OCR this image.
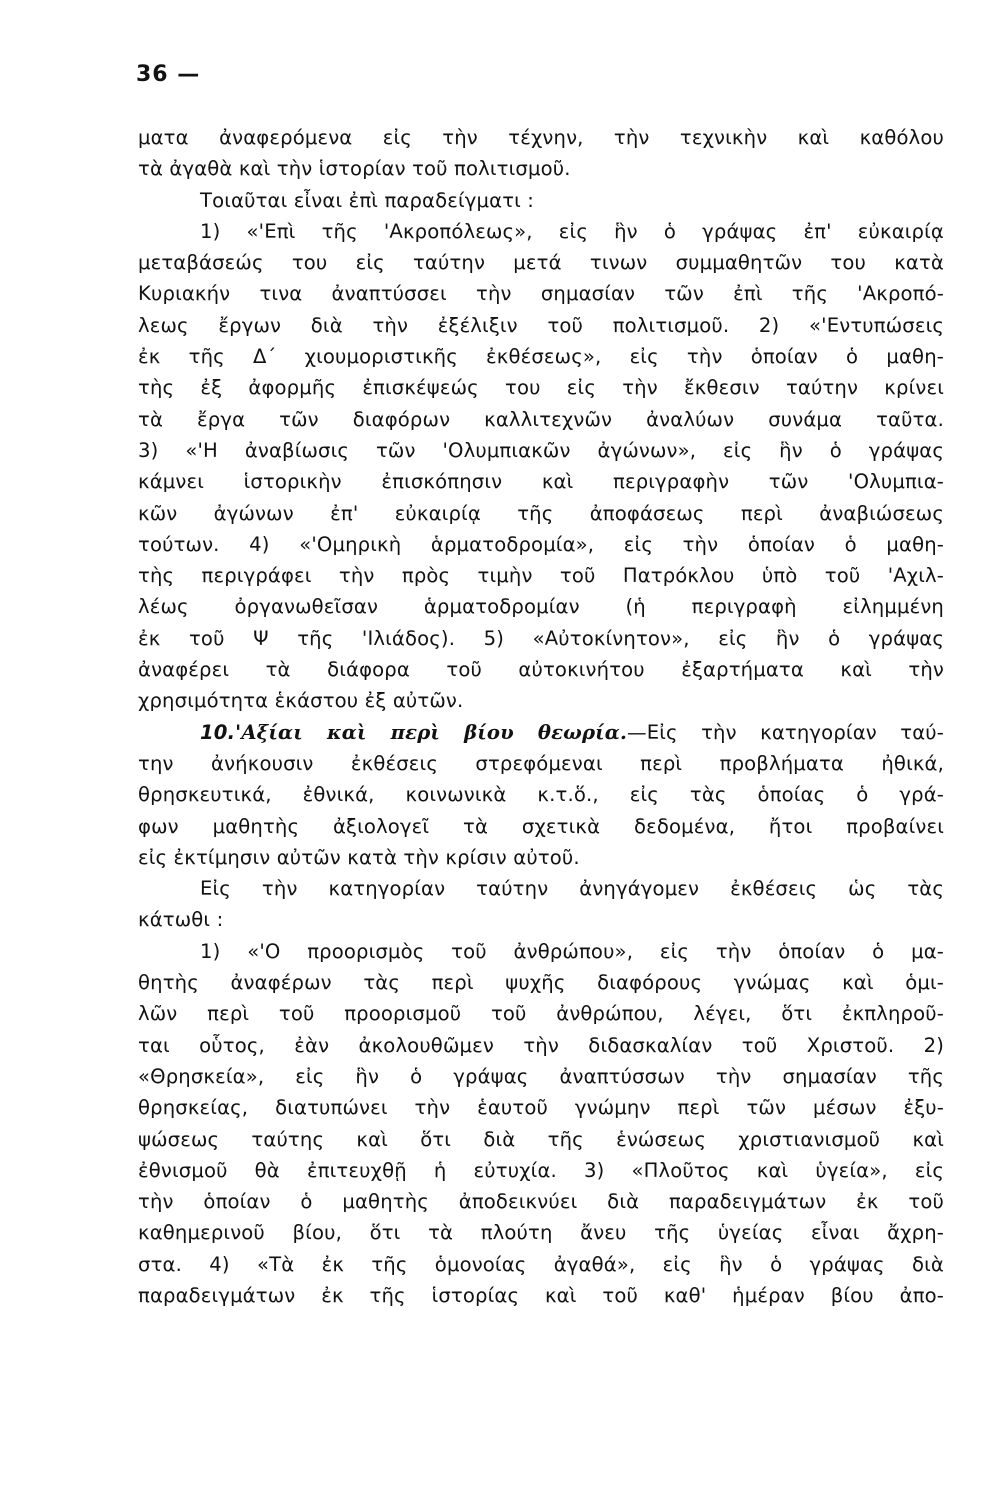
36 —
ματα ἀναφερόμενα εἰς τὴν τέχνην, τὴν τεχνικὴν καὶ καθόλου
τὰ ἀγαθὰ καὶ τὴν ἱστορίαν τοῦ πολιτισμοῦ.
Τοιαῦται εἶναι ἐπὶ παραδείγματι :
1) «'Επὶ τῆς 'Ακροπόλεως», εἰς ἣν ὁ γράψας ἐπ' εὐκαιρίᾳ
μεταβάσεώς του εἰς ταύτην μετά τινων συμμαθητῶν του κατὰ
Κυριακήν τινα ἀναπτύσσει τὴν σημασίαν τῶν ἐπὶ τῆς 'Ακροπό-
λεως ἔργων διὰ τὴν ἐξέλιξιν τοῦ πολιτισμοῦ. 2) «'Εντυπώσεις
ἐκ τῆς Δ΄ χιουμοριστικῆς ἐκθέσεως», εἰς τὴν ὁποίαν ὁ μαθη-
τὴς ἐξ ἀφορμῆς ἐπισκέψεώς του εἰς τὴν ἔκθεσιν ταύτην κρίνει
τὰ ἔργα τῶν διαφόρων καλλιτεχνῶν ἀναλύων συνάμα ταῦτα.
3) «'Η ἀναβίωσις τῶν 'Ολυμπιακῶν ἀγώνων», εἰς ἣν ὁ γράψας
κάμνει ἱστορικὴν ἐπισκόπησιν καὶ περιγραφὴν τῶν 'Ολυμπια-
κῶν ἀγώνων ἐπ' εὐκαιρίᾳ τῆς ἀποφάσεως περὶ ἀναβιώσεως
τούτων. 4) «'Ομηρικὴ ἁρματοδρομία», εἰς τὴν ὁποίαν ὁ μαθη-
τὴς περιγράφει τὴν πρὸς τιμὴν τοῦ Πατρόκλου ὑπὸ τοῦ 'Αχιλ-
λέως ὀργανωθεῖσαν ἁρματοδρομίαν (ἡ περιγραφὴ εἰλημμένη
ἐκ τοῦ Ψ τῆς 'Ιλιάδος). 5) «Αὐτοκίνητον», εἰς ἣν ὁ γράψας
ἀναφέρει τὰ διάφορα τοῦ αὐτοκινήτου ἐξαρτήματα καὶ τὴν
χρησιμότητα ἑκάστου ἐξ αὐτῶν.
10.'Αξίαι καὶ περὶ βίου θεωρία.—Εἰς τὴν κατηγορίαν ταύ-
την ἀνήκουσιν ἐκθέσεις στρεφόμεναι περὶ προβλήματα ἠθικά,
θρησκευτικά, ἐθνικά, κοινωνικὰ κ.τ.ὅ., εἰς τὰς ὁποίας ὁ γρά-
φων μαθητὴς ἀξιολογεῖ τὰ σχετικὰ δεδομένα, ἤτοι προβαίνει
εἰς ἐκτίμησιν αὐτῶν κατὰ τὴν κρίσιν αὐτοῦ.
Εἰς τὴν κατηγορίαν ταύτην ἀνηγάγομεν ἐκθέσεις ὡς τὰς
κάτωθι :
1) «'Ο προορισμὸς τοῦ ἀνθρώπου», εἰς τὴν ὁποίαν ὁ μα-
θητὴς ἀναφέρων τὰς περὶ ψυχῆς διαφόρους γνώμας καὶ ὁμι-
λῶν περὶ τοῦ προορισμοῦ τοῦ ἀνθρώπου, λέγει, ὅτι ἐκπληροῦ-
ται οὗτος, ἐὰν ἀκολουθῶμεν τὴν διδασκαλίαν τοῦ Χριστοῦ. 2)
«Θρησκεία», εἰς ἣν ὁ γράψας ἀναπτύσσων τὴν σημασίαν τῆς
θρησκείας, διατυπώνει τὴν ἑαυτοῦ γνώμην περὶ τῶν μέσων ἐξυ-
ψώσεως ταύτης καὶ ὅτι διὰ τῆς ἑνώσεως χριστιανισμοῦ καὶ
ἐθνισμοῦ θὰ ἐπιτευχθῇ ἡ εὐτυχία. 3) «Πλοῦτος καὶ ὑγεία», εἰς
τὴν ὁποίαν ὁ μαθητὴς ἀποδεικνύει διὰ παραδειγμάτων ἐκ τοῦ
καθημερινοῦ βίου, ὅτι τὰ πλούτη ἄνευ τῆς ὑγείας εἶναι ἄχρη-
στα. 4) «Τὰ ἐκ τῆς ὁμονοίας ἀγαθά», εἰς ἣν ὁ γράψας διὰ
παραδειγμάτων ἐκ τῆς ἱστορίας καὶ τοῦ καθ' ἡμέραν βίου ἀπο-
